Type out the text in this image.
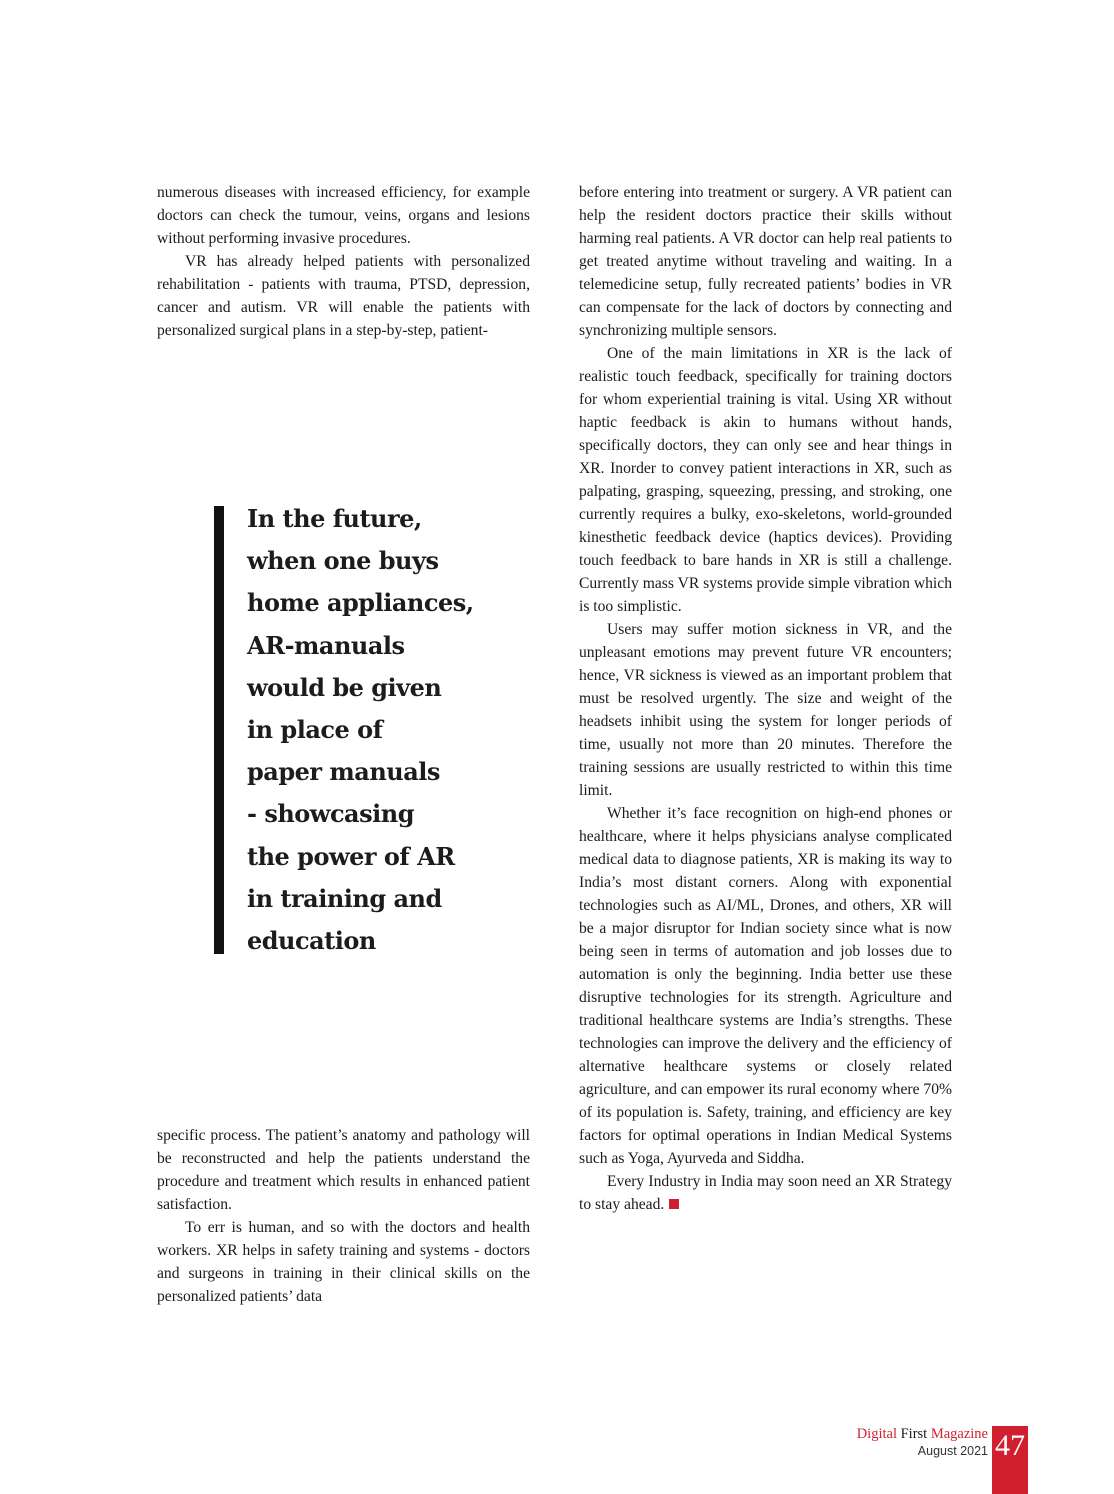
numerous diseases with increased efficiency, for example doctors can check the tumour, veins, organs and lesions without performing invasive procedures.

VR has already helped patients with personalized rehabilitation - patients with trauma, PTSD, depression, cancer and autism. VR will enable the patients with personalized surgical plans in a step-by-step, patient-

In the future,
when one buys
home appliances,
AR-manuals
would be given
in place of
paper manuals
- showcasing
the power of AR
in training and
education

specific process. The patient’s anatomy and pathology will be reconstructed and help the patients understand the procedure and treatment which results in enhanced patient satisfaction.

To err is human, and so with the doctors and health workers. XR helps in safety training and systems - doctors and surgeons in training in their clinical skills on the personalized patients’ data

before entering into treatment or surgery. A VR patient can help the resident doctors practice their skills without harming real patients. A VR doctor can help real patients to get treated anytime without traveling and waiting. In a telemedicine setup, fully recreated patients’ bodies in VR can compensate for the lack of doctors by connecting and synchronizing multiple sensors.

One of the main limitations in XR is the lack of realistic touch feedback, specifically for training doctors for whom experiential training is vital. Using XR without haptic feedback is akin to humans without hands, specifically doctors, they can only see and hear things in XR. Inorder to convey patient interactions in XR, such as palpating, grasping, squeezing, pressing, and stroking, one currently requires a bulky, exo-skeletons, world-grounded kinesthetic feedback device (haptics devices). Providing touch feedback to bare hands in XR is still a challenge. Currently mass VR systems provide simple vibration which is too simplistic.

Users may suffer motion sickness in VR, and the unpleasant emotions may prevent future VR encounters; hence, VR sickness is viewed as an important problem that must be resolved urgently. The size and weight of the headsets inhibit using the system for longer periods of time, usually not more than 20 minutes. Therefore the training sessions are usually restricted to within this time limit.

Whether it’s face recognition on high-end phones or healthcare, where it helps physicians analyse complicated medical data to diagnose patients, XR is making its way to India’s most distant corners. Along with exponential technologies such as AI/ML, Drones, and others, XR will be a major disruptor for Indian society since what is now being seen in terms of automation and job losses due to automation is only the beginning. India better use these disruptive technologies for its strength. Agriculture and traditional healthcare systems are India’s strengths. These technologies can improve the delivery and the efficiency of alternative healthcare systems or closely related agriculture, and can empower its rural economy where 70% of its population is. Safety, training, and efficiency are key factors for optimal operations in Indian Medical Systems such as Yoga, Ayurveda and Siddha.

Every Industry in India may soon need an XR Strategy to stay ahead.

Digital First Magazine
August 2021 47
